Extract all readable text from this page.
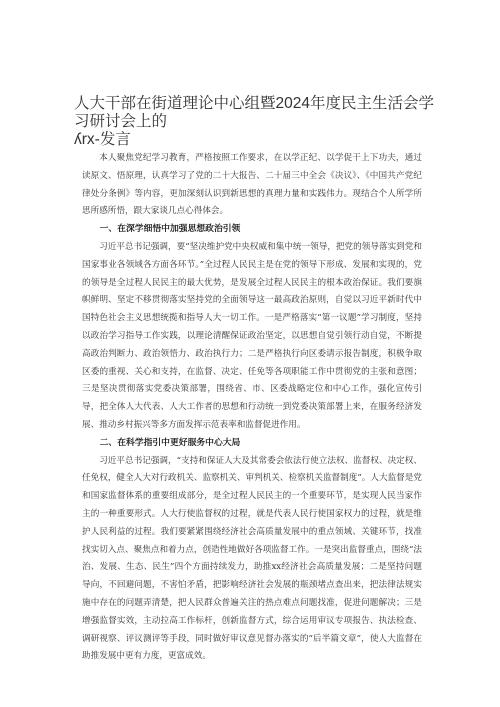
人大干部在街道理论中心组暨2024年度民主生活会学习研讨会上的
ʎrx-发言

本人聚焦党纪学习教育，严格按照工作要求，在以学正纪、以学促干上下功夫，通过读原文、悟原理，认真学习了党的二十大报告、二十届三中全会《决议》、《中国共产党纪律处分条例》等内容，更加深刻认识到新思想的真理力量和实践伟力。现结合个人所学所思所感所悟，跟大家谈几点心得体会。

一、在深学细悟中加强思想政治引领

习近平总书记强调，要“坚决维护党中央权威和集中统一领导，把党的领导落实到党和国家事业各领域各方面各环节。”全过程人民民主是在党的领导下形成、发展和实现的，党的领导是全过程人民民主的最大优势，是发展全过程人民民主的根本政治保证。我们要旗帜鲜明、坚定不移贯彻落实坚持党的全面领导这一最高政治原则，自觉以习近平新时代中国特色社会主义思想统揽和指导人大一切工作。一是严格落实“第一议题”学习制度，坚持以政治学习指导工作实践，以理论清醒保证政治坚定，以思想自觉引领行动自觉，不断提高政治判断力、政治领悟力、政治执行力；二是严格执行向区委请示报告制度，积极争取区委的重视、关心和支持，在监督、决定、任免等各项职能工作中贯彻党的主张和意图；三是坚决贯彻落实党委决策部署，围绕省、市、区委战略定位和中心工作，强化宣传引导，把全体人大代表、人大工作者的思想和行动统一到党委决策部署上来，在服务经济发展、推动乡村振兴等多方面发挥示范表率和监督促进作用。

二、在科学指引中更好服务中心大局

习近平总书记强调，“支持和保证人大及其常委会依法行使立法权、监督权、决定权、任免权，健全人大对行政机关、监察机关、审判机关、检察机关监督制度”。人大监督是党和国家监督体系的重要组成部分，是全过程人民民主的一个重要环节，是实现人民当家作主的一种重要形式。人大行使监督权的过程，就是代表人民行使国家权力的过程，就是维护人民利益的过程。我们要紧紧围绕经济社会高质量发展中的重点领域、关键环节，找准找实切入点、聚焦点和着力点，创造性地做好各项监督工作。一是突出监督重点，围绕“法治、发展、生态、民生”四个方面持续发力，助推xx经济社会高质量发展；二是坚持问题导向，不回避问题，不害怕矛盾，把影响经济社会发展的瓶颈堵点查出来，把法律法规实施中存在的问题弄清楚，把人民群众普遍关注的热点难点问题找准，促进问题解决；三是增强监督实效，主动拉高工作标杆，创新监督方式，综合运用审议专项报告、执法检查、调研视察、评议测评等手段，同时做好审议意见督办落实的“后半篇文章”，使人大监督在助推发展中更有力度，更富成效。
